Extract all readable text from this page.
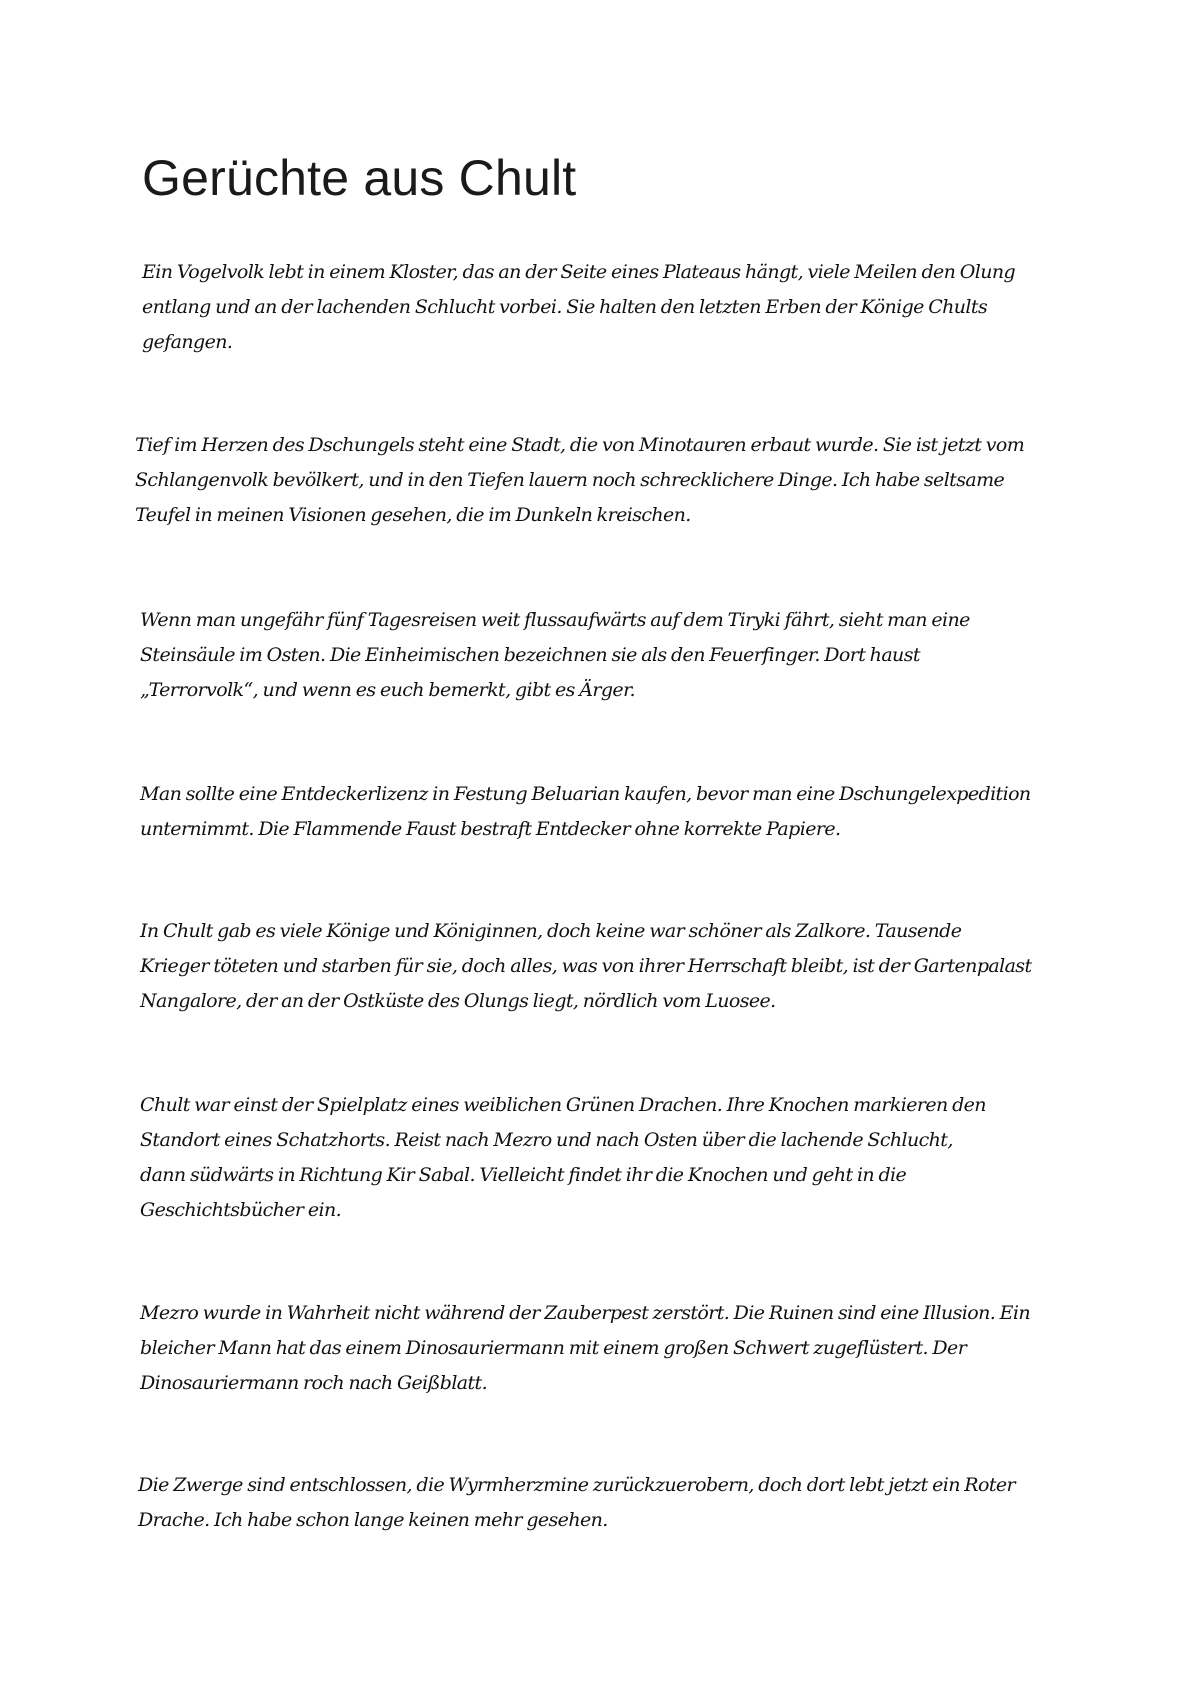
Gerüchte aus Chult
Ein Vogelvolk lebt in einem Kloster, das an der Seite eines Plateaus hängt, viele Meilen den Olung
entlang und an der lachenden Schlucht vorbei. Sie halten den letzten Erben der Könige Chults
gefangen.
Tief im Herzen des Dschungels steht eine Stadt, die von Minotauren erbaut wurde. Sie ist jetzt vom
Schlangenvolk bevölkert, und in den Tiefen lauern noch schrecklichere Dinge. Ich habe seltsame
Teufel in meinen Visionen gesehen, die im Dunkeln kreischen.
Wenn man ungefähr fünf Tagesreisen weit flussaufwärts auf dem Tiryki fährt, sieht man eine
Steinsäule im Osten. Die Einheimischen bezeichnen sie als den Feuerfinger. Dort haust
„Terrorvolk“, und wenn es euch bemerkt, gibt es Ärger.
Man sollte eine Entdeckerlizenz in Festung Beluarian kaufen, bevor man eine Dschungelexpedition
unternimmt. Die Flammende Faust bestraft Entdecker ohne korrekte Papiere.
In Chult gab es viele Könige und Königinnen, doch keine war schöner als Zalkore. Tausende
Krieger töteten und starben für sie, doch alles, was von ihrer Herrschaft bleibt, ist der Gartenpalast
Nangalore, der an der Ostküste des Olungs liegt, nördlich vom Luosee.
Chult war einst der Spielplatz eines weiblichen Grünen Drachen. Ihre Knochen markieren den
Standort eines Schatzhorts. Reist nach Mezro und nach Osten über die lachende Schlucht,
dann südwärts in Richtung Kir Sabal. Vielleicht findet ihr die Knochen und geht in die
Geschichtsbücher ein.
Mezro wurde in Wahrheit nicht während der Zauberpest zerstört. Die Ruinen sind eine Illusion. Ein
bleicher Mann hat das einem Dinosauriermann mit einem großen Schwert zugeflüstert. Der
Dinosauriermann roch nach Geißblatt.
Die Zwerge sind entschlossen, die Wyrmherzmine zurückzuerobern, doch dort lebt jetzt ein Roter
Drache. Ich habe schon lange keinen mehr gesehen.
